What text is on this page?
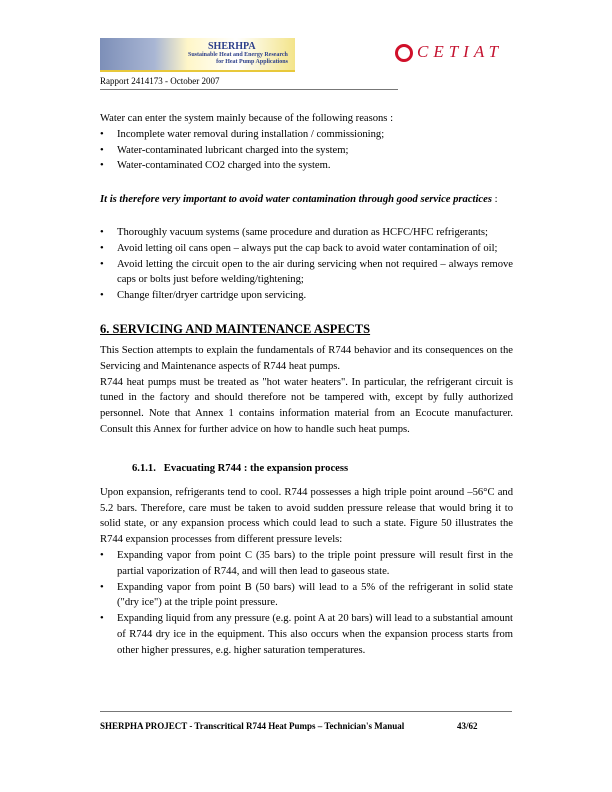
SHERHPA
Sustainable Heat and Energy Research
for Heat Pump Applications
CETIAT
Rapport 2414173 - October 2007

Water can enter the system mainly because of the following reasons :

• Incomplete water removal during installation / commissioning;
• Water-contaminated lubricant charged into the system;
• Water-contaminated CO2 charged into the system.

It is therefore very important to avoid water contamination through good service practices :

• Thoroughly vacuum systems (same procedure and duration as HCFC/HFC refrigerants;
• Avoid letting oil cans open – always put the cap back to avoid water contamination of oil;
• Avoid letting the circuit open to the air during servicing when not required – always remove caps or bolts just before welding/tightening;
• Change filter/dryer cartridge upon servicing.
6. SERVICING AND MAINTENANCE ASPECTS

This Section attempts to explain the fundamentals of R744 behavior and its consequences on the Servicing and Maintenance aspects of R744 heat pumps.

R744 heat pumps must be treated as "hot water heaters". In particular, the refrigerant circuit is tuned in the factory and should therefore not be tampered with, except by fully authorized personnel. Note that Annex 1 contains information material from an Ecocute manufacturer. Consult this Annex for further advice on how to handle such heat pumps.

6.1.1. Evacuating R744 : the expansion process

Upon expansion, refrigerants tend to cool. R744 possesses a high triple point around –56°C and 5.2 bars. Therefore, care must be taken to avoid sudden pressure release that would bring it to solid state, or any expansion process which could lead to such a state. Figure 50 illustrates the R744 expansion processes from different pressure levels:

• Expanding vapor from point C (35 bars) to the triple point pressure will result first in the partial vaporization of R744, and will then lead to gaseous state.
• Expanding vapor from point B (50 bars) will lead to a 5% of the refrigerant in solid state ("dry ice") at the triple point pressure.
• Expanding liquid from any pressure (e.g. point A at 20 bars) will lead to a substantial amount of R744 dry ice in the equipment. This also occurs when the expansion process starts from other higher pressures, e.g. higher saturation temperatures.
SHERPHA PROJECT - Transcritical R744 Heat Pumps – Technician's Manual	43/62
